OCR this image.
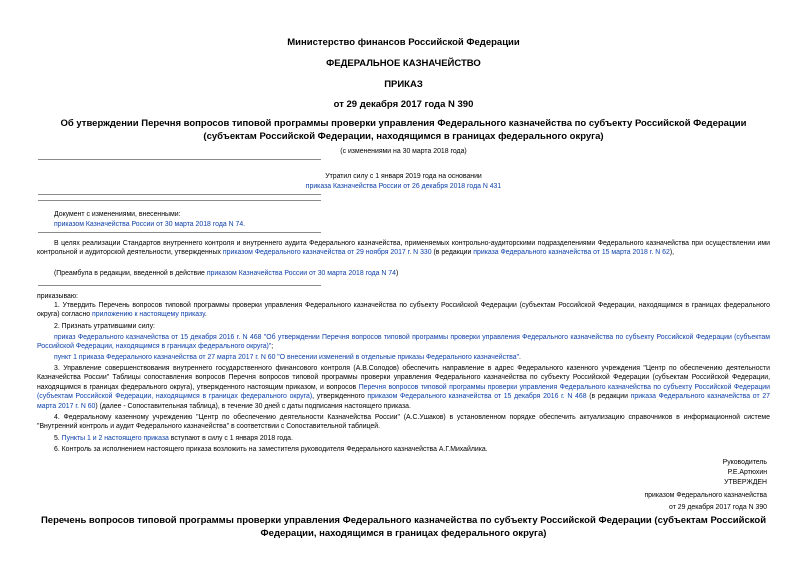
Министерство финансов Российской Федерации
ФЕДЕРАЛЬНОЕ КАЗНАЧЕЙСТВО
ПРИКАЗ
от 29 декабря 2017 года N 390
Об утверждении Перечня вопросов типовой программы проверки управления Федерального казначейства по субъекту Российской Федерации (субъектам Российской Федерации, находящимся в границах федерального округа)
(с изменениями на 30 марта 2018 года)
Утратил силу с 1 января 2019 года на основании
приказа Казначейства России от 26 декабря 2018 года N 431
Документ с изменениями, внесенными:
приказом Казначейства России от 30 марта 2018 года N 74.
В целях реализации Стандартов внутреннего контроля и внутреннего аудита Федерального казначейства, применяемых контрольно-аудиторскими подразделениями Федерального казначейства при осуществлении ими контрольной и аудиторской деятельности, утвержденных приказом Федерального казначейства от 29 ноября 2017 г. N 330 (в редакции приказа Федерального казначейства от 15 марта 2018 г. N 62),
(Преамбула в редакции, введенной в действие приказом Казначейства России от 30 марта 2018 года N 74)
приказываю:
1. Утвердить Перечень вопросов типовой программы проверки управления Федерального казначейства по субъекту Российской Федерации (субъектам Российской Федерации, находящимся в границах федерального округа) согласно приложению к настоящему приказу.
2. Признать утратившими силу:
приказ Федерального казначейства от 15 декабря 2016 г. N 468 "Об утверждении Перечня вопросов типовой программы проверки управления Федерального казначейства по субъекту Российской Федерации (субъектам Российской Федерации, находящимся в границах федерального округа)";
пункт 1 приказа Федерального казначейства от 27 марта 2017 г. N 60 "О внесении изменений в отдельные приказы Федерального казначейства".
3. Управление совершенствования внутреннего государственного финансового контроля (А.В.Солодов) обеспечить направление в адрес Федерального казенного учреждения "Центр по обеспечению деятельности Казначейства России" Таблицы сопоставления вопросов Перечня вопросов типовой программы проверки управления Федерального казначейства по субъекту Российской Федерации (субъектам Российской Федерации, находящимся в границах федерального округа), утвержденного настоящим приказом, и вопросов Перечня вопросов типовой программы проверки управления Федерального казначейства по субъекту Российской Федерации (субъектам Российской Федерации, находящимся в границах федерального округа), утвержденного приказом Федерального казначейства от 15 декабря 2016 г. N 468 (в редакции приказа Федерального казначейства от 27 марта 2017 г. N 60) (далее - Сопоставительная таблица), в течение 30 дней с даты подписания настоящего приказа.
4. Федеральному казенному учреждению "Центр по обеспечению деятельности Казначейства России" (А.С.Ушаков) в установленном порядке обеспечить актуализацию справочников в информационной системе "Внутренний контроль и аудит Федерального казначейства" в соответствии с Сопоставительной таблицей.
5. Пункты 1 и 2 настоящего приказа вступают в силу с 1 января 2018 года.
6. Контроль за исполнением настоящего приказа возложить на заместителя руководителя Федерального казначейства А.Г.Михайлика.
Руководитель
Р.Е.Артюхин
УТВЕРЖДЕН
приказом Федерального казначейства
от 29 декабря 2017 года N 390
Перечень вопросов типовой программы проверки управления Федерального казначейства по субъекту Российской Федерации (субъектам Российской Федерации, находящимся в границах федерального округа)
